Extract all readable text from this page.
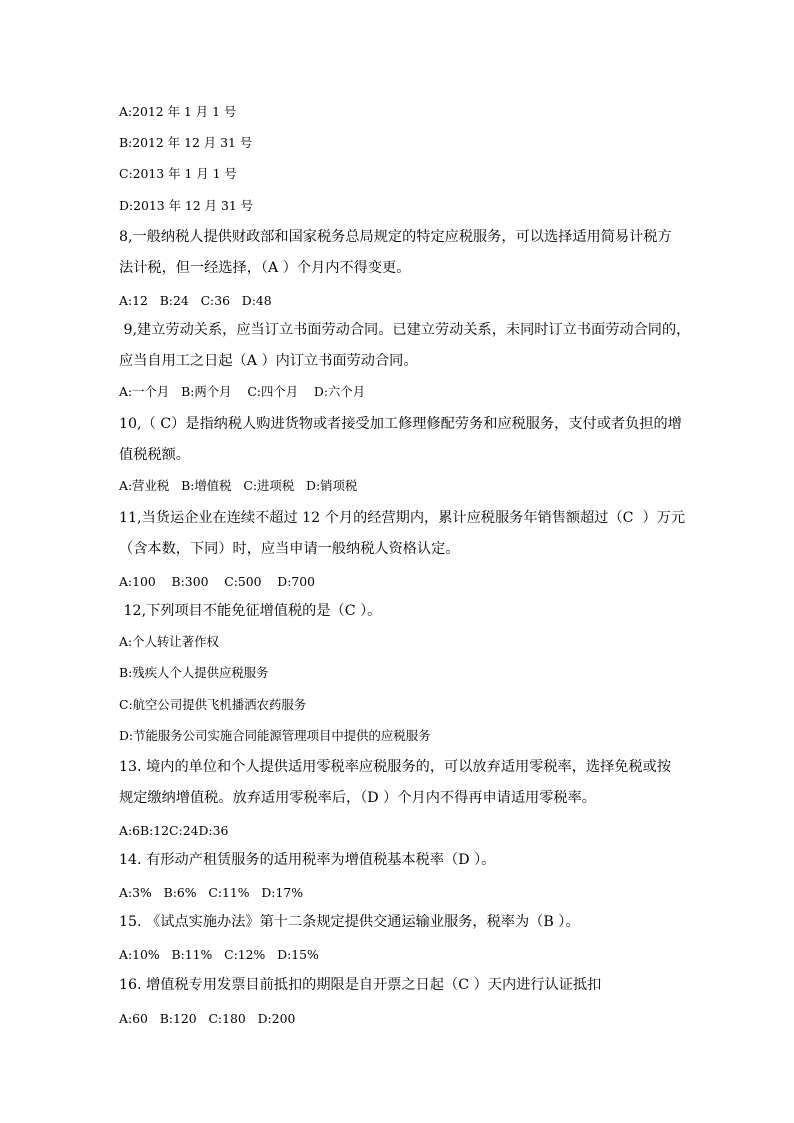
A:2012 年 1 月 1 号
B:2012 年 12 月 31 号
C:2013 年 1 月 1 号
D:2013 年 12 月 31 号
8,一般纳税人提供财政部和国家税务总局规定的特定应税服务，可以选择适用简易计税方
法计税，但一经选择，（A ）个月内不得变更。
A:12   B:24   C:36   D:48
9,建立劳动关系，应当订立书面劳动合同。已建立劳动关系，未同时订立书面劳动合同的，
应当自用工之日起（A ）内订立书面劳动合同。
A:一个月   B:两个月    C:四个月    D:六个月
10,（ C）是指纳税人购进货物或者接受加工修理修配劳务和应税服务，支付或者负担的增
值税税额。
A:营业税   B:增值税   C:进项税   D:销项税
11,当货运企业在连续不超过 12 个月的经营期内，累计应税服务年销售额超过（C  ）万元
（含本数，下同）时，应当申请一般纳税人资格认定。
A:100    B:300    C:500    D:700
12,下列项目不能免征增值税的是（C ）。
A:个人转让著作权
B:残疾人个人提供应税服务
C:航空公司提供飞机播洒农药服务
D:节能服务公司实施合同能源管理项目中提供的应税服务
13. 境内的单位和个人提供适用零税率应税服务的，可以放弃适用零税率，选择免税或按
规定缴纳增值税。放弃适用零税率后，（D ）个月内不得再申请适用零税率。
A:6B:12C:24D:36
14. 有形动产租赁服务的适用税率为增值税基本税率（D ）。
A:3%   B:6%   C:11%   D:17%
15. 《试点实施办法》第十二条规定提供交通运输业服务，税率为（B ）。
A:10%   B:11%   C:12%   D:15%
16. 增值税专用发票目前抵扣的期限是自开票之日起（C ）天内进行认证抵扣
A:60   B:120   C:180   D:200
